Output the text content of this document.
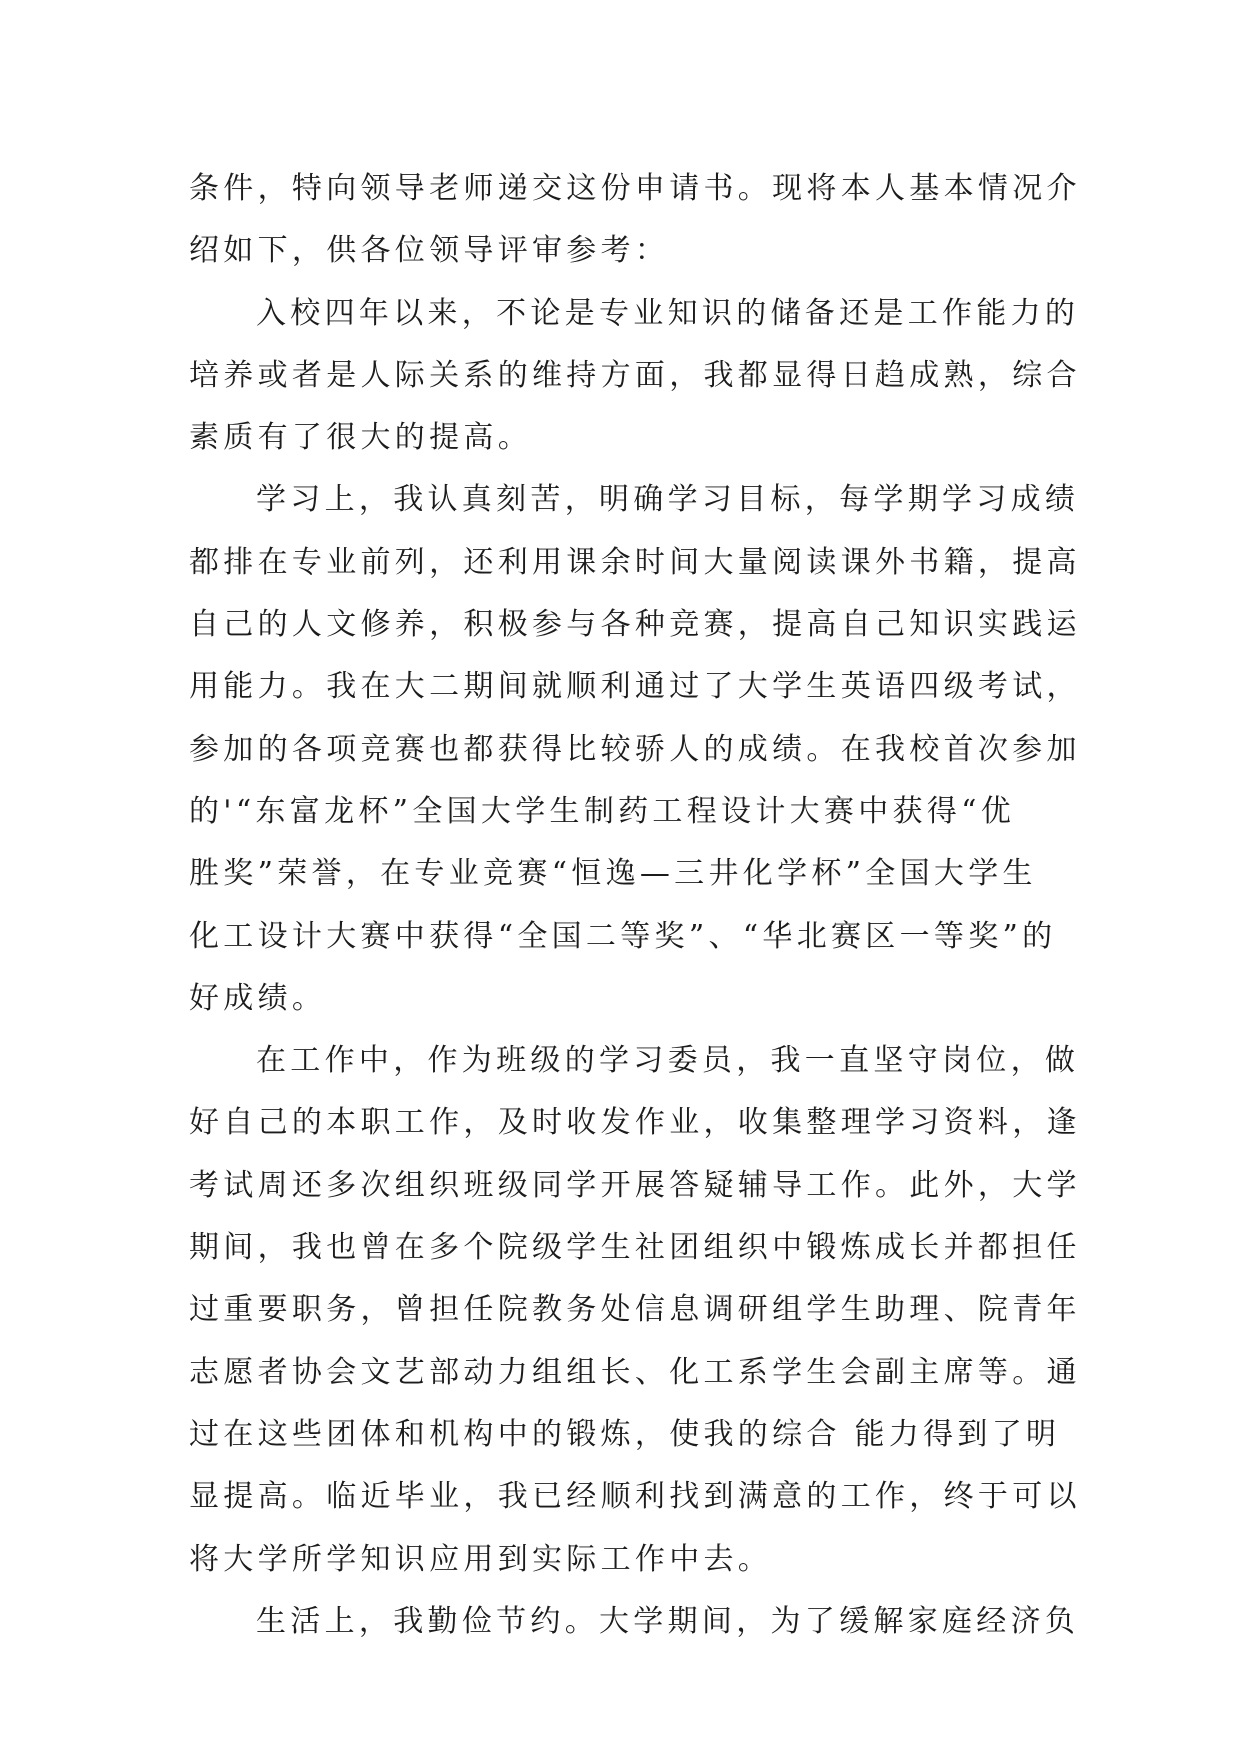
条件，特向领导老师递交这份申请书。现将本人基本情况介
绍如下，供各位领导评审参考：
入校四年以来，不论是专业知识的储备还是工作能力的
培养或者是人际关系的维持方面，我都显得日趋成熟，综合
素质有了很大的提高。
学习上，我认真刻苦，明确学习目标，每学期学习成绩
都排在专业前列，还利用课余时间大量阅读课外书籍，提高
自己的人文修养，积极参与各种竞赛，提高自己知识实践运
用能力。我在大二期间就顺利通过了大学生英语四级考试，
参加的各项竞赛也都获得比较骄人的成绩。在我校首次参加
的'“东富龙杯”全国大学生制药工程设计大赛中获得“优
胜奖”荣誉，在专业竞赛“恒逸—三井化学杯”全国大学生
化工设计大赛中获得“全国二等奖”、“华北赛区一等奖”的
好成绩。
在工作中，作为班级的学习委员，我一直坚守岗位，做
好自己的本职工作，及时收发作业，收集整理学习资料，逢
考试周还多次组织班级同学开展答疑辅导工作。此外，大学
期间，我也曾在多个院级学生社团组织中锻炼成长并都担任
过重要职务，曾担任院教务处信息调研组学生助理、院青年
志愿者协会文艺部动力组组长、化工系学生会副主席等。通
过在这些团体和机构中的锻炼，使我的综合 能力得到了明
显提高。临近毕业，我已经顺利找到满意的工作，终于可以
将大学所学知识应用到实际工作中去。
生活上，我勤俭节约。大学期间，为了缓解家庭经济负
